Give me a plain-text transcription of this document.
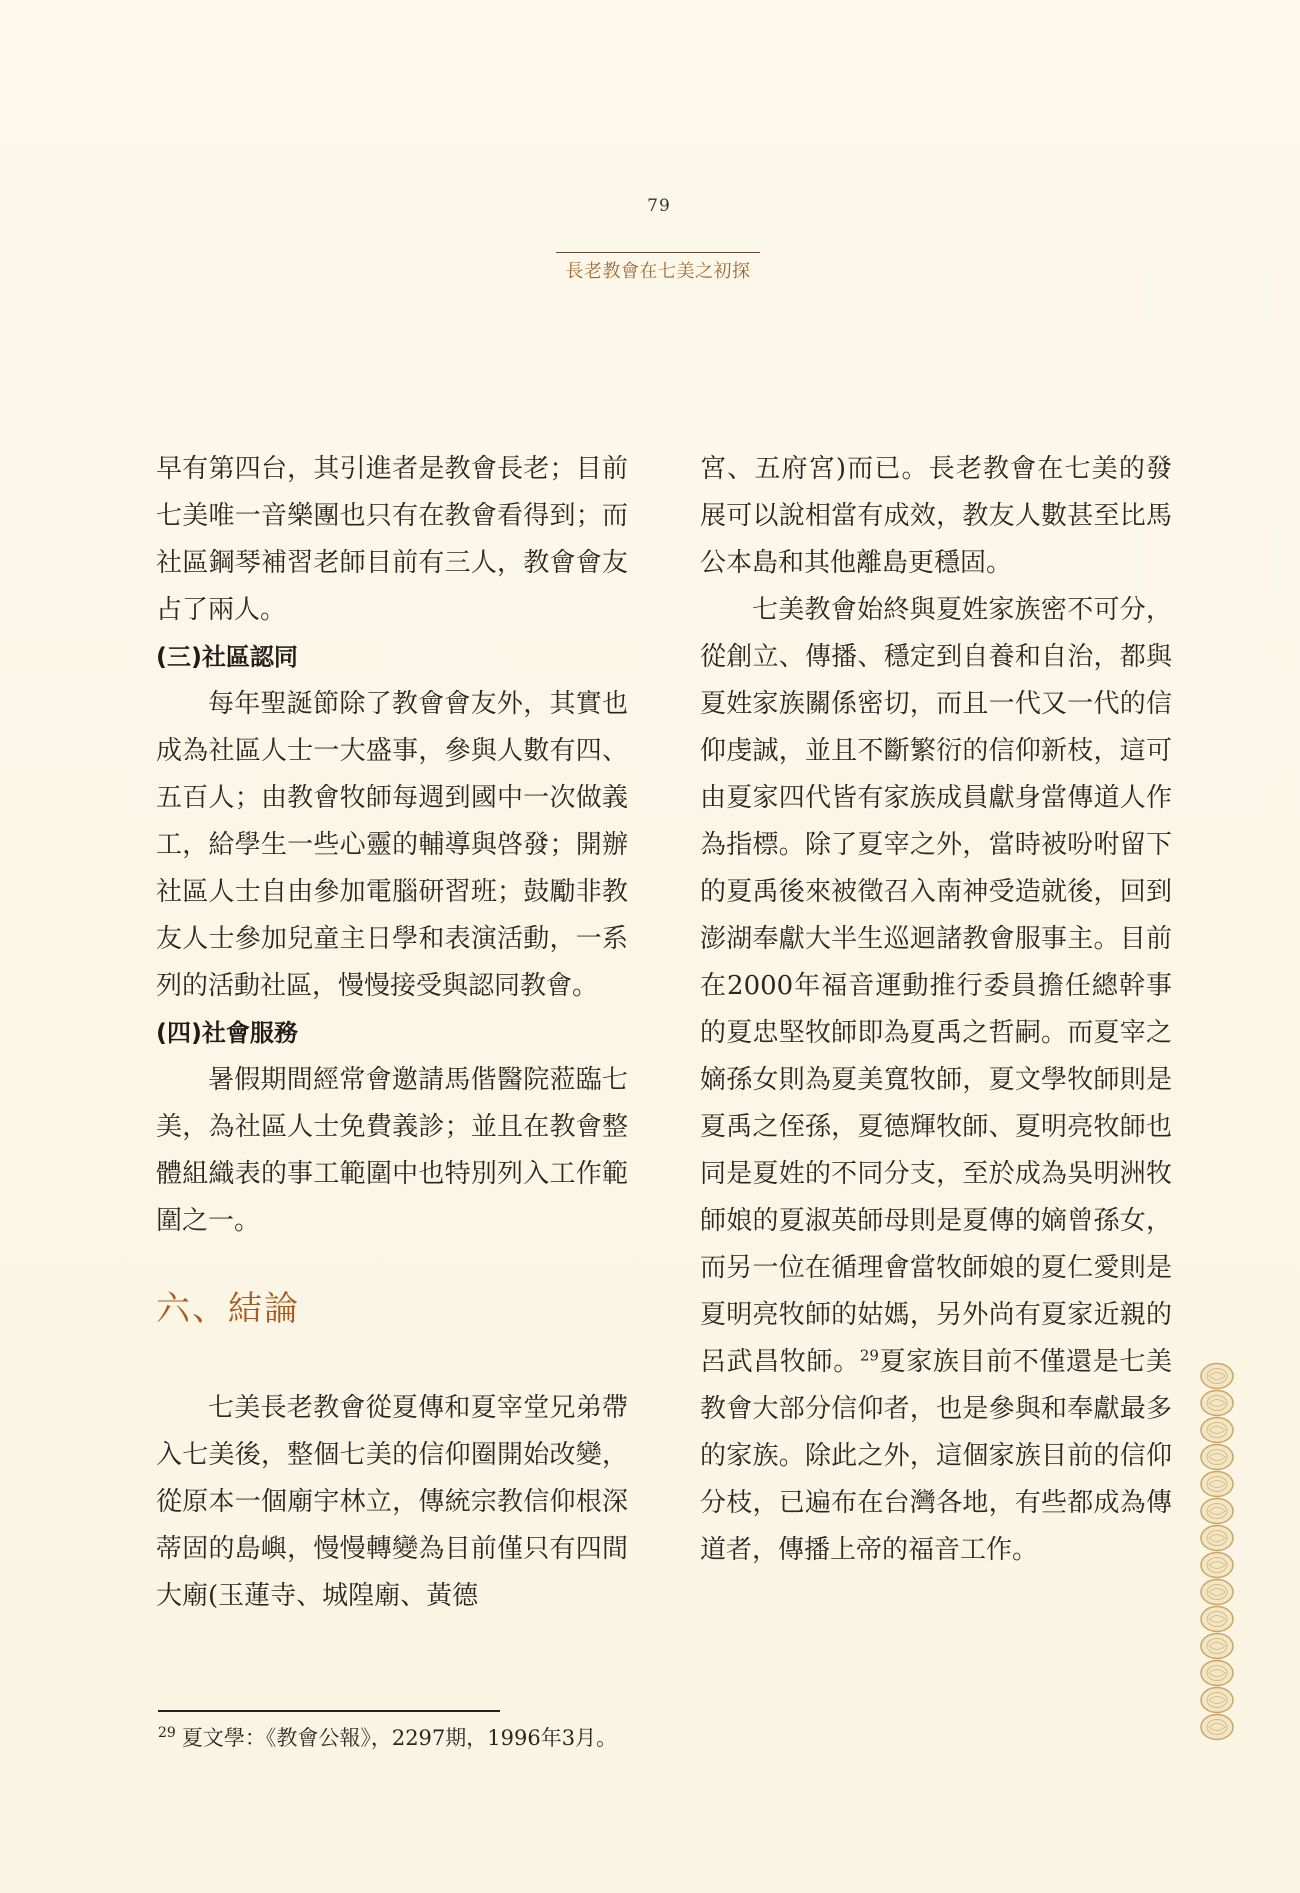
79
長老教會在七美之初探

早有第四台，其引進者是教會長老；目前七美唯一音樂團也只有在教會看得到；而社區鋼琴補習老師目前有三人，教會會友占了兩人。

(三)社區認同

每年聖誕節除了教會會友外，其實也成為社區人士一大盛事，參與人數有四、五百人；由教會牧師每週到國中一次做義工，給學生一些心靈的輔導與啓發；開辦社區人士自由參加電腦研習班；鼓勵非教友人士參加兒童主日學和表演活動，一系列的活動社區，慢慢接受與認同教會。

(四)社會服務

暑假期間經常會邀請馬偕醫院蒞臨七美，為社區人士免費義診；並且在教會整體組織表的事工範圍中也特別列入工作範圍之一。

六、結論

七美長老教會從夏傳和夏宰堂兄弟帶入七美後，整個七美的信仰圈開始改變，從原本一個廟宇林立，傳統宗教信仰根深蒂固的島嶼，慢慢轉變為目前僅只有四間大廟(玉蓮寺、城隍廟、黃德

宮、五府宮)而已。長老教會在七美的發展可以說相當有成效，教友人數甚至比馬公本島和其他離島更穩固。

七美教會始終與夏姓家族密不可分，從創立、傳播、穩定到自養和自治，都與夏姓家族關係密切，而且一代又一代的信仰虔誠，並且不斷繁衍的信仰新枝，這可由夏家四代皆有家族成員獻身當傳道人作為指標。除了夏宰之外，當時被吩咐留下的夏禹後來被徵召入南神受造就後，回到澎湖奉獻大半生巡迴諸教會服事主。目前在2000年福音運動推行委員擔任總幹事的夏忠堅牧師即為夏禹之哲嗣。而夏宰之嫡孫女則為夏美寬牧師，夏文學牧師則是夏禹之侄孫，夏德輝牧師、夏明亮牧師也同是夏姓的不同分支，至於成為吳明洲牧師娘的夏淑英師母則是夏傳的嫡曾孫女，而另一位在循理會當牧師娘的夏仁愛則是夏明亮牧師的姑媽，另外尚有夏家近親的呂武昌牧師。$^{29}$夏家族目前不僅還是七美教會大部分信仰者，也是參與和奉獻最多的家族。除此之外，這個家族目前的信仰分枝，已遍布在台灣各地，有些都成為傳道者，傳播上帝的福音工作。

$^{29}$ 夏文學：《教會公報》，2297期，1996年3月。
